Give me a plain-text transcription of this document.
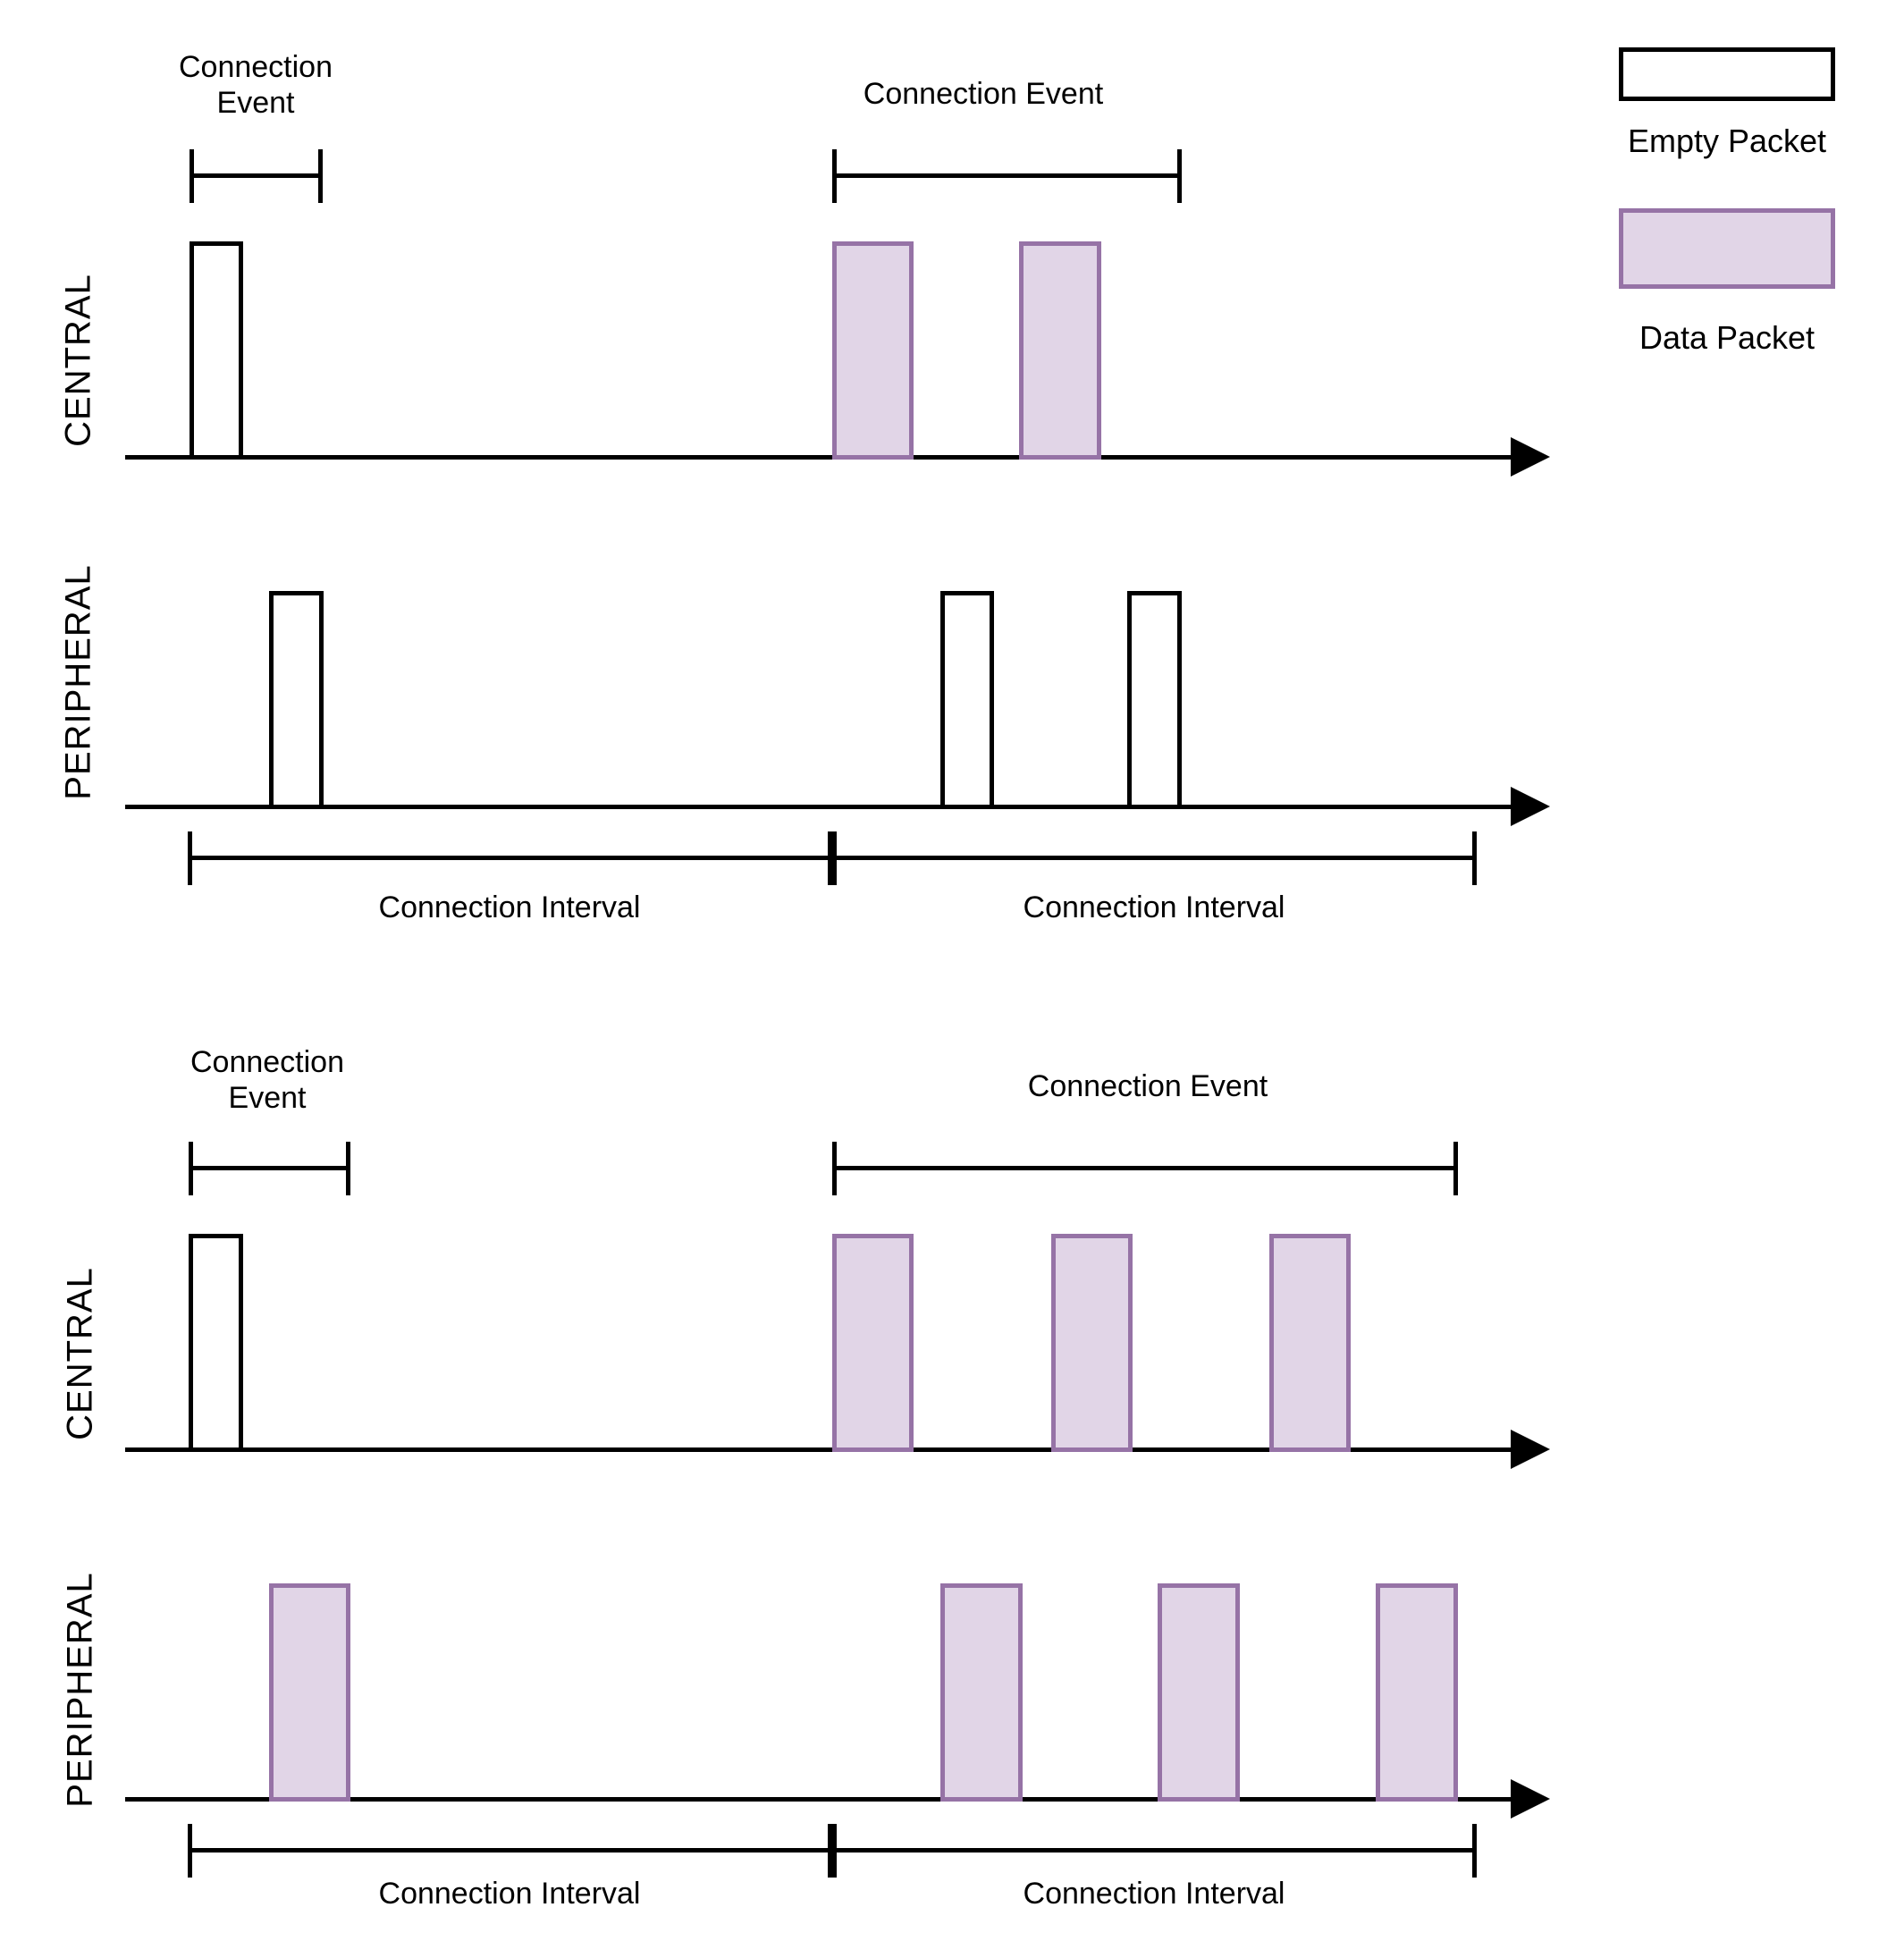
Empty Packet
Data Packet
Connection Event	Connection Event
CENTRAL
PERIPHERAL
Connection Interval	Connection Interval
Connection Event	Connection Event
CENTRAL
PERIPHERAL
Connection Interval	Connection Interval
